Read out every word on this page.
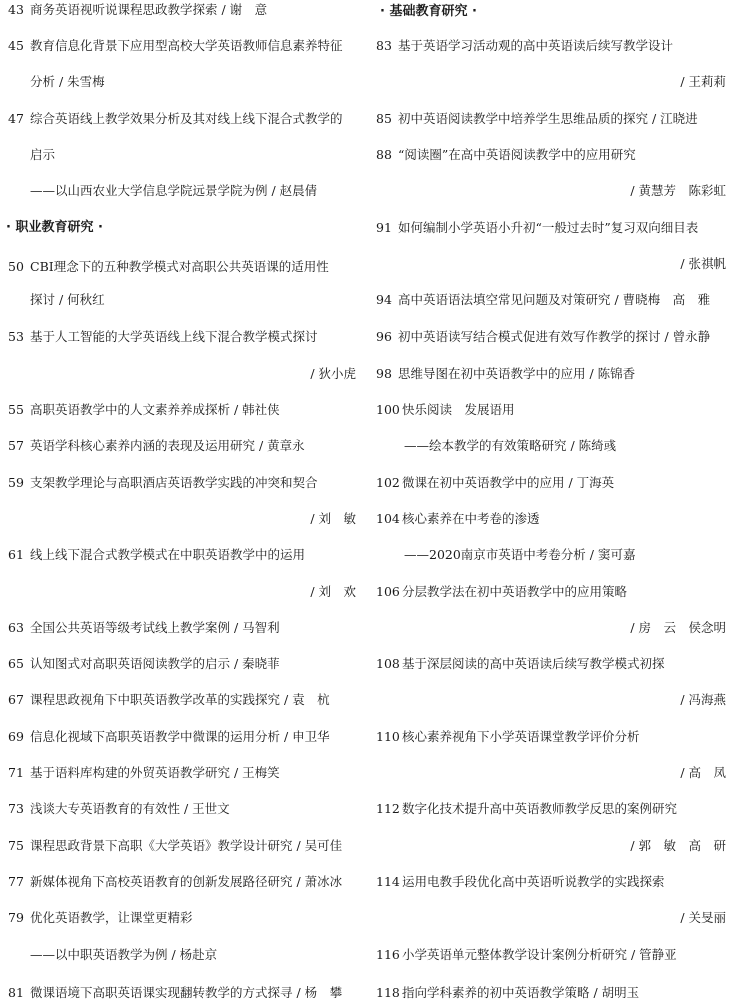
43 商务英语视听说课程思政教学探索 / 谢　意
45 教育信息化背景下应用型高校大学英语教师信息素养特征
分析 / 朱雪梅
47 综合英语线上教学效果分析及其对线上线下混合式教学的
启示
——以山西农业大学信息学院远景学院为例 / 赵晨倩
· 职业教育研究 ·
50 CBI理念下的五种教学模式对高职公共英语课的适用性
探讨 / 何秋红
53 基于人工智能的大学英语线上线下混合教学模式探讨
/ 狄小虎
55 高职英语教学中的人文素养养成探析 / 韩社侠
57 英语学科核心素养内涵的表现及运用研究 / 黄章永
59 支架教学理论与高职酒店英语教学实践的冲突和契合
/ 刘　敏
61 线上线下混合式教学模式在中职英语教学中的运用
/ 刘　欢
63 全国公共英语等级考试线上教学案例 / 马智利
65 认知图式对高职英语阅读教学的启示 / 秦晓菲
67 课程思政视角下中职英语教学改革的实践探究 / 袁　杭
69 信息化视域下高职英语教学中微课的运用分析 / 申卫华
71 基于语料库构建的外贸英语教学研究 / 王梅笑
73 浅谈大专英语教育的有效性 / 王世文
75 课程思政背景下高职《大学英语》教学设计研究 / 吴可佳
77 新媒体视角下高校英语教育的创新发展路径研究 / 萧冰冰
79 优化英语教学，让课堂更精彩
——以中职英语教学为例 / 杨赴京
81 微课语境下高职英语课实现翻转教学的方式探寻 / 杨　攀
· 基础教育研究 ·
83 基于英语学习活动观的高中英语读后续写教学设计
/ 王莉莉
85 初中英语阅读教学中培养学生思维品质的探究 / 江晓进
88 “阅读圈”在高中英语阅读教学中的应用研究
/ 黄慧芳　陈彩虹
91 如何编制小学英语小升初“一般过去时”复习双向细目表
/ 张祺帆
94 高中英语语法填空常见问题及对策研究 / 曹晓梅　高　雅
96 初中英语读写结合模式促进有效写作教学的探讨 / 曾永静
98 思维导图在初中英语教学中的应用 / 陈锦香
100 快乐阅读　发展语用
——绘本教学的有效策略研究 / 陈绮彧
102 微课在初中英语教学中的应用 / 丁海英
104 核心素养在中考卷的渗透
——2020南京市英语中考卷分析 / 窦可嘉
106 分层教学法在初中英语教学中的应用策略
/ 房　云　侯念明
108 基于深层阅读的高中英语读后续写教学模式初探
/ 冯海燕
110 核心素养视角下小学英语课堂教学评价分析
/ 高　凤
112 数字化技术提升高中英语教师教学反思的案例研究
/ 郭　敏　高　研
114 运用电教手段优化高中英语听说教学的实践探索
/ 关旻丽
116 小学英语单元整体教学设计案例分析研究 / 管静亚
118 指向学科素养的初中英语教学策略 / 胡明玉
